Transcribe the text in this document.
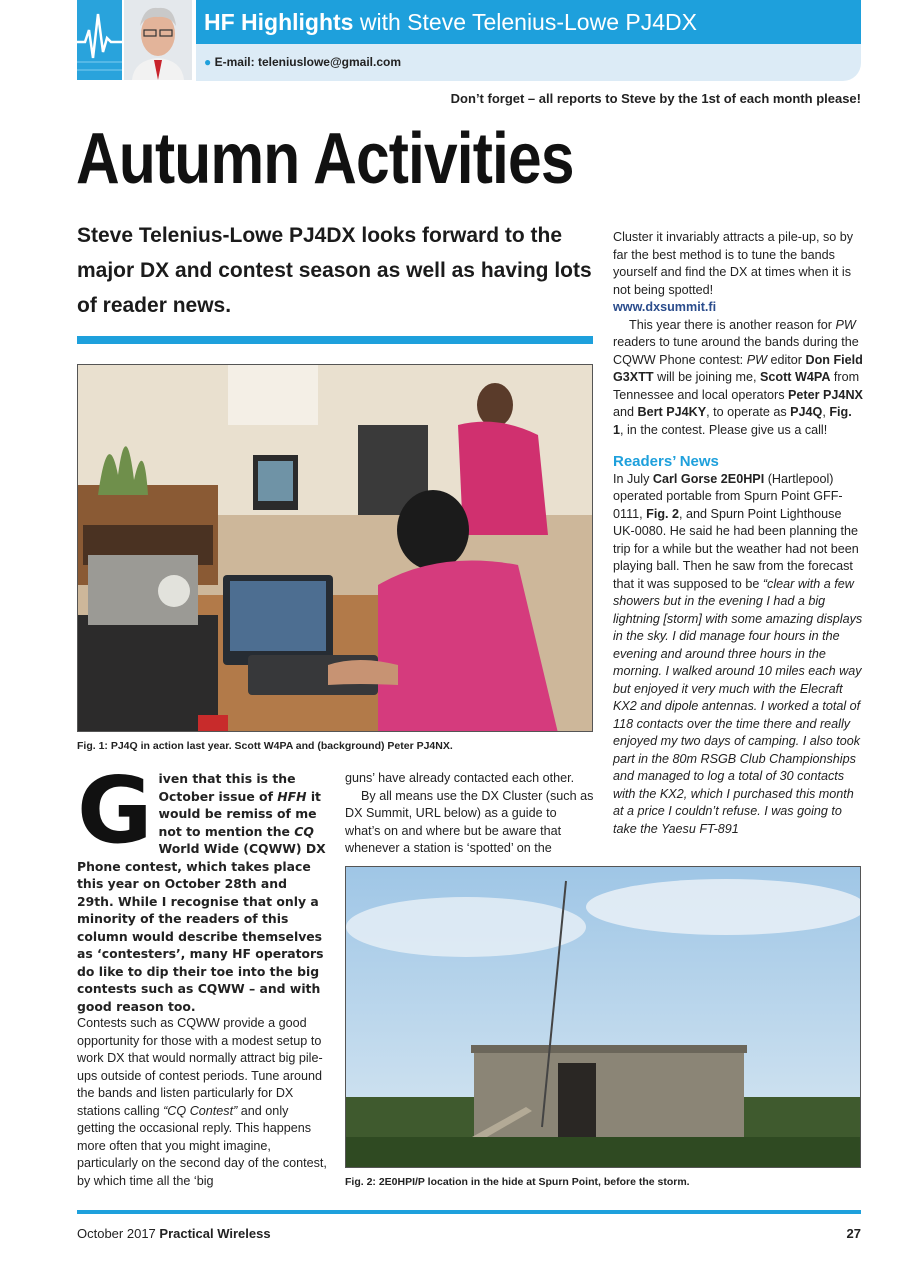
HF Highlights with Steve Telenius-Lowe PJ4DX
● E-mail: teleniuslowe@gmail.com
Don’t forget – all reports to Steve by the 1st of each month please!
Autumn Activities
Steve Telenius-Lowe PJ4DX looks forward to the major DX and contest season as well as having lots of reader news.
Fig. 1: PJ4Q in action last year. Scott W4PA and (background) Peter PJ4NX.

Given that this is the October issue of HFH it would be remiss of me not to mention the CQ World Wide (CQWW) DX Phone contest, which takes place this year on October 28th and 29th. While I recognise that only a minority of the readers of this column would describe themselves as ‘contesters’, many HF operators do like to dip their toe into the big contests such as CQWW – and with good reason too.

Contests such as CQWW provide a good opportunity for those with a modest setup to work DX that would normally attract big pile-ups outside of contest periods. Tune around the bands and listen particularly for DX stations calling “CQ Contest” and only getting the occasional reply. This happens more often that you might imagine, particularly on the second day of the contest, by which time all the ‘big

guns’ have already contacted each other.

By all means use the DX Cluster (such as DX Summit, URL below) as a guide to what’s on and where but be aware that whenever a station is ‘spotted’ on the

Cluster it invariably attracts a pile-up, so by far the best method is to tune the bands yourself and find the DX at times when it is not being spotted!

www.dxsummit.fi

This year there is another reason for PW readers to tune around the bands during the CQWW Phone contest: PW editor Don Field G3XTT will be joining me, Scott W4PA from Tennessee and local operators Peter PJ4NX and Bert PJ4KY, to operate as PJ4Q, Fig. 1, in the contest. Please give us a call!

Readers’ News

In July Carl Gorse 2E0HPI (Hartlepool) operated portable from Spurn Point GFF-0111, Fig. 2, and Spurn Point Lighthouse UK-0080. He said he had been planning the trip for a while but the weather had not been playing ball. Then he saw from the forecast that it was supposed to be “clear with a few showers but in the evening I had a big lightning [storm] with some amazing displays in the sky. I did manage four hours in the evening and around three hours in the morning. I walked around 10 miles each way but enjoyed it very much with the Elecraft KX2 and dipole antennas. I worked a total of 118 contacts over the time there and really enjoyed my two days of camping. I also took part in the 80m RSGB Club Championships and managed to log a total of 30 contacts with the KX2, which I purchased this month at a price I couldn’t refuse. I was going to take the Yaesu FT-891

Fig. 2: 2E0HPI/P location in the hide at Spurn Point, before the storm.
October 2017 Practical Wireless	27
